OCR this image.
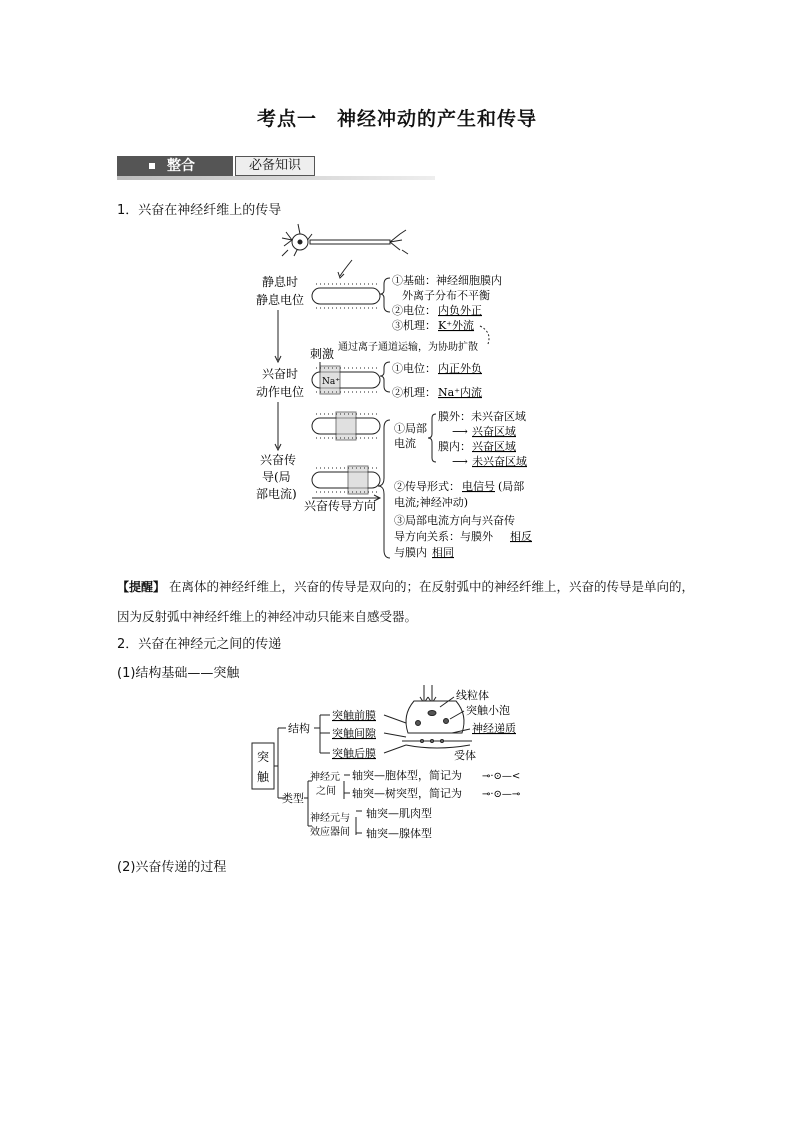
考点一　神经冲动的产生和传导
整合	必备知识
1．兴奋在神经纤维上的传导
静息时
静息电位
①基础：神经细胞膜内
外离子分布不平衡
②电位： 内负外正
③机理： K⁺外流
通过离子通道运输，为协助扩散
刺激
Na⁺
兴奋时
动作电位
①电位： 内正外负
②机理： Na⁺内流
兴奋传
导(局
部电流)
兴奋传导方向
①局部
电流
膜外：未兴奋区域
⟶ 兴奋区域
膜内： 兴奋区域
⟶ 未兴奋区域
②传导形式： 电信号 (局部
电流;神经冲动)
③局部电流方向与兴奋传
导方向关系：与膜外 相反
与膜内 相同
【提醒】 在离体的神经纤维上，兴奋的传导是双向的；在反射弧中的神经纤维上，兴奋的传导是单向的，因为反射弧中神经纤维上的神经冲动只能来自感受器。
2．兴奋在神经元之间的传递
(1)结构基础——突触
突
触
结构
类型
突触前膜
突触间隙
突触后膜
线粒体
突触小泡
神经递质
受体
神经元
之间
轴突—胞体型，简记为
轴突—树突型，简记为
⊸·⊙—<
⊸·⊙—⊸
神经元与
效应器间
轴突—肌肉型
轴突—腺体型
(2)兴奋传递的过程
